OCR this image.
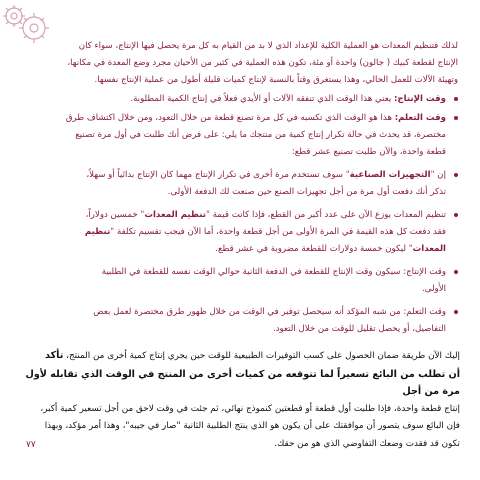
لذلك فتنظيم المعدات هو العملية الكلية للإعداد الذي لا بد من القيام به كل مرة يحصل فيها الإنتاج، سواء كان

الإنتاج لقطعة كبيك ( جالون) واحدة أو مئة، تكون هذه العملية في كثير من الأحيان مجرد وضع المعدة في مكانها،

وتهيئة الآلات للعمل الحالي، وهذا يستغرق وقتاً بالنسبة لإنتاج كميات قليلة أطول من عملية الإنتاج نفسها.

وقت الإنتاج: يعني هذا الوقت الذي تنفقه الآلات أو الأيدي فعلاً في إنتاج الكمية المطلوبة.
وقت التعلم: هذا هو الوقت الذي تكسبه في كل مرة تصنع قطعة من خلال التعود، ومن خلال اكتشاف طرق
مختصرة، قد يحدث في حالة تكرار إنتاج كمية من منتجك ما يلي: على فرض أنك طلبت في أول مرة تصنيع
قطعة واحدة، والآن طلبت تصنيع عشر قطع:
إن "التجهيزات الصناعية" سوف تستخدم مرة أخرى في تكرار الإنتاج مهما كان الإنتاج بدائياً أو سهلاً،
تذكر أنك دفعت أول مرة من أجل تجهيزات الصنع حين صنعت لك الدفعة الأولى.
تنظيم المعدات يوزع الآن على عدد أكبر من القطع، فإذا كانت قيمة "تنظيم المعدات" خمسين دولاراً،
فقد دفعت كل هذه القيمة في المرة الأولى من أجل قطعة واحدة، أما الآن فيجب تقسيم تكلفة "تنظيم
المعدات" ليكون خمسة دولارات للقطعة مضروبة في عشر قطع.
وقت الإنتاج: سيكون وقت الإنتاج للقطعة في الدفعة الثانية حوالي الوقت نفسه للقطعة في الطلبية
الأولى.
وقت التعلم: من شبه المؤكد أنه سيحصل توفير في الوقت من خلال ظهور طرق مختصرة لعمل بعض
التفاصيل، أو يحصل تقليل للوقت من خلال التعود.
إليك الآن طريقة ضمان الحصول على كسب التوفيرات الطبيعية للوقت حين يجري إنتاج كمية أخرى من المنتج، تأكد
أن تطلب من البائع تسعيراً لما تتوقعه من كميات أخرى من المنتج في الوقت الذي تقابله لأول مرة من أجل
إنتاج قطعة واحدة، فإذا طلبت أول قطعة أو قطعتين كنموذج نهائي، ثم جئت في وقت لاحق من أجل تسعير كمية أكبر،
فإن البائع سوف يتصور أن موافقتك على أن يكون هو الذي ينتج الطلبية الثانية "صار في جيبه"، وهذا أمر مؤكد، وبهذا
تكون قد فقدت وضعك التفاوضي الذي هو من حقك.
٧٧
